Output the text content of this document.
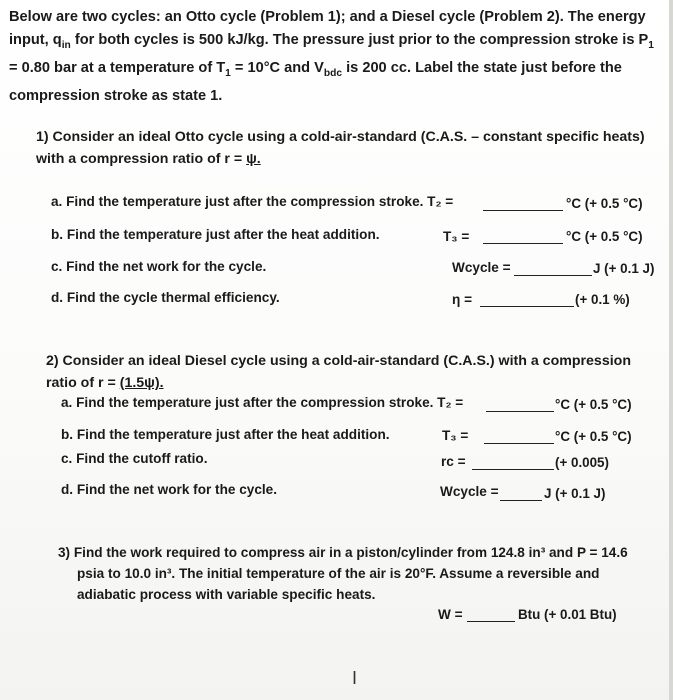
Below are two cycles: an Otto cycle (Problem 1); and a Diesel cycle (Problem 2). The energy input, $q_{in}$ for both cycles is 500 kJ/kg. The pressure just prior to the compression stroke is $P_1 = 0.80$ bar at a temperature of $T_1 = 10^\circ C$ and $V_{bdc}$ is 200 cc. Label the state just before the compression stroke as state 1.
1) Consider an ideal Otto cycle using a cold-air-standard (C.A.S. – constant specific heats) with a compression ratio of r = ψ.
a. Find the temperature just after the compression stroke. T₂ =	°C (+ 0.5 °C)
b. Find the temperature just after the heat addition.	T₃ =	°C (+ 0.5 °C)
c. Find the net work for the cycle.	Wcycle =	J (+ 0.1 J)
d. Find the cycle thermal efficiency.	η =	(+ 0.1 %)
2) Consider an ideal Diesel cycle using a cold-air-standard (C.A.S.) with a compression ratio of r = (1.5ψ).
a. Find the temperature just after the compression stroke. T₂ =	°C (+ 0.5 °C)
b. Find the temperature just after the heat addition.	T₃ =	°C (+ 0.5 °C)
c. Find the cutoff ratio.	rc =	(+ 0.005)
d. Find the net work for the cycle.	Wcycle =	J (+ 0.1 J)
3) Find the work required to compress air in a piston/cylinder from 124.8 in³ and P = 14.6
psia to 10.0 in³. The initial temperature of the air is 20°F. Assume a reversible and
adiabatic process with variable specific heats.
W =	Btu (+ 0.01 Btu)
I
